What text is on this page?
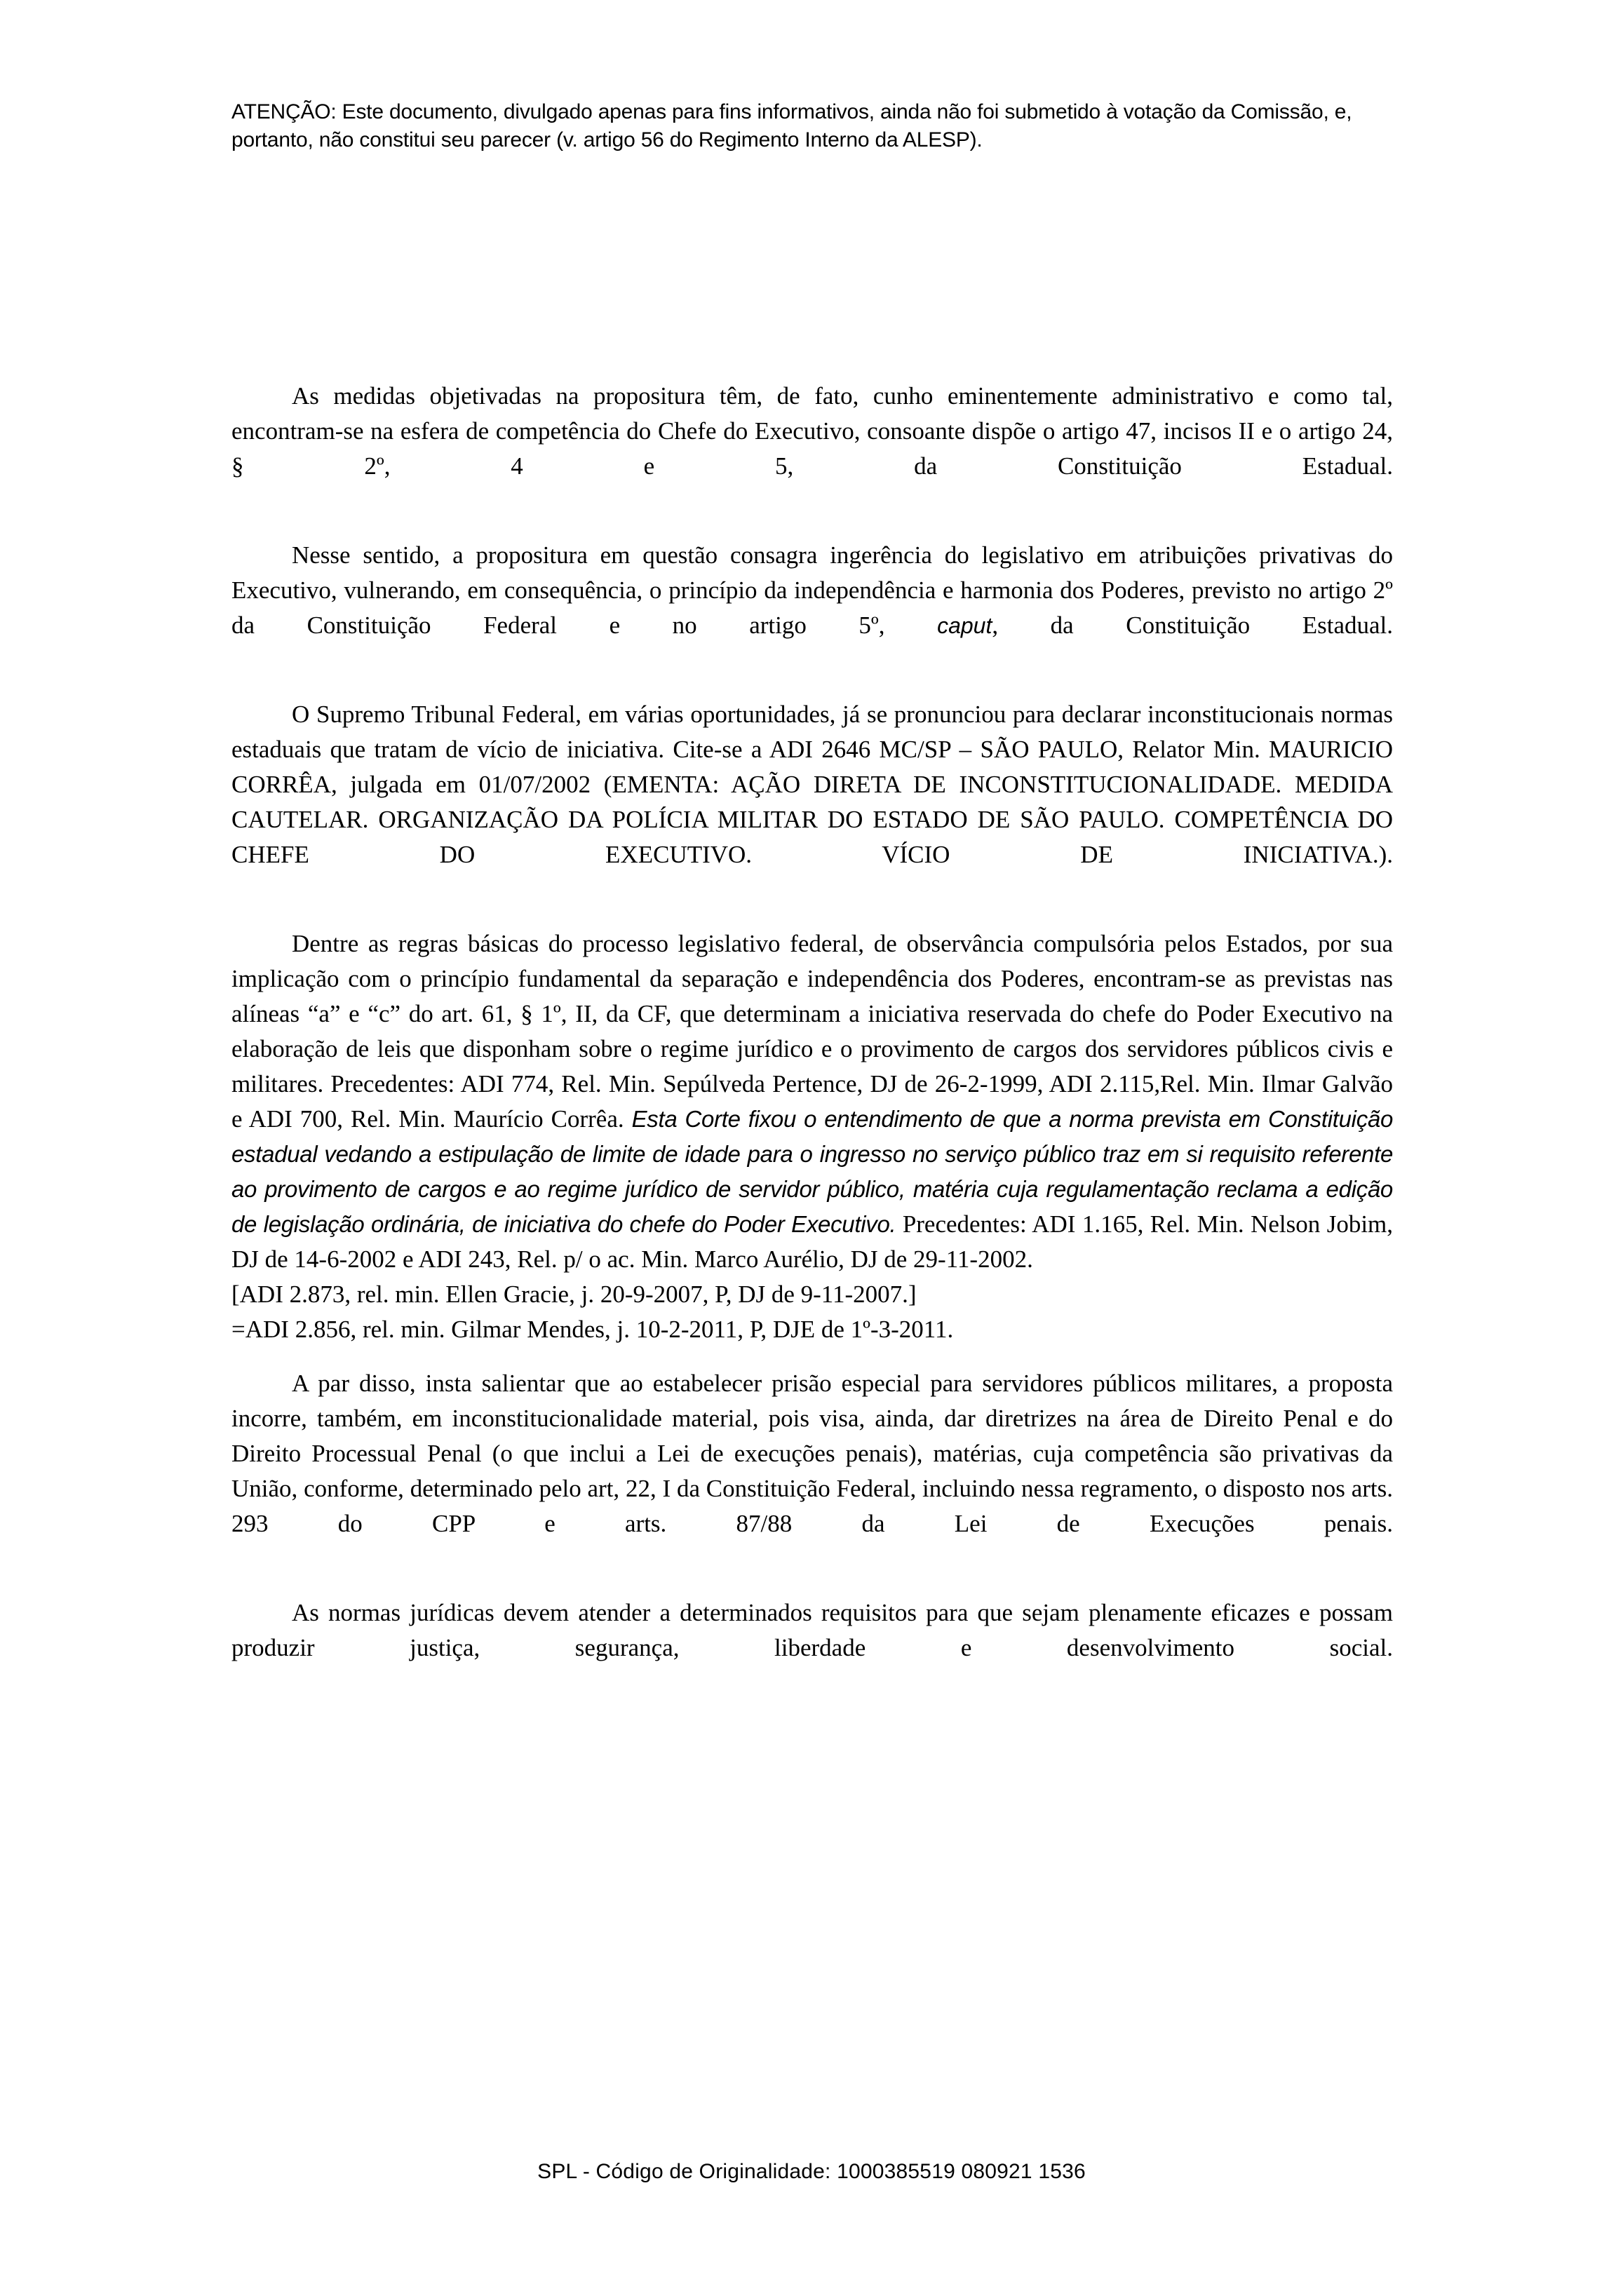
ATENÇÃO: Este documento, divulgado apenas para fins informativos, ainda não foi submetido à votação da Comissão, e, portanto, não constitui seu parecer (v. artigo 56 do Regimento Interno da ALESP).

As medidas objetivadas na propositura têm, de fato, cunho eminentemente administrativo e como tal, encontram-se na esfera de competência do Chefe do Executivo, consoante dispõe o artigo 47, incisos II e o artigo 24, § 2º, 4 e 5, da Constituição Estadual.

Nesse sentido, a propositura em questão consagra ingerência do legislativo em atribuições privativas do Executivo, vulnerando, em consequência, o princípio da independência e harmonia dos Poderes, previsto no artigo 2º da Constituição Federal e no artigo 5º, caput, da Constituição Estadual.

O Supremo Tribunal Federal, em várias oportunidades, já se pronunciou para declarar inconstitucionais normas estaduais que tratam de vício de iniciativa. Cite-se a ADI 2646 MC/SP – SÃO PAULO, Relator Min. MAURICIO CORRÊA, julgada em 01/07/2002 (EMENTA: AÇÃO DIRETA DE INCONSTITUCIONALIDADE. MEDIDA CAUTELAR. ORGANIZAÇÃO DA POLÍCIA MILITAR DO ESTADO DE SÃO PAULO. COMPETÊNCIA DO CHEFE DO EXECUTIVO. VÍCIO DE INICIATIVA.).

Dentre as regras básicas do processo legislativo federal, de observância compulsória pelos Estados, por sua implicação com o princípio fundamental da separação e independência dos Poderes, encontram-se as previstas nas alíneas “a” e “c” do art. 61, § 1º, II, da CF, que determinam a iniciativa reservada do chefe do Poder Executivo na elaboração de leis que disponham sobre o regime jurídico e o provimento de cargos dos servidores públicos civis e militares. Precedentes: ADI 774, Rel. Min. Sepúlveda Pertence, DJ de 26-2-1999, ADI 2.115,Rel. Min. Ilmar Galvão e ADI 700, Rel. Min. Maurício Corrêa. Esta Corte fixou o entendimento de que a norma prevista em Constituição estadual vedando a estipulação de limite de idade para o ingresso no serviço público traz em si requisito referente ao provimento de cargos e ao regime jurídico de servidor público, matéria cuja regulamentação reclama a edição de legislação ordinária, de iniciativa do chefe do Poder Executivo. Precedentes: ADI 1.165, Rel. Min. Nelson Jobim, DJ de 14-6-2002 e ADI 243, Rel. p/ o ac. Min. Marco Aurélio, DJ de 29-11-2002.

[ADI 2.873, rel. min. Ellen Gracie, j. 20-9-2007, P, DJ de 9-11-2007.]

=ADI 2.856, rel. min. Gilmar Mendes, j. 10-2-2011, P, DJE de 1º-3-2011.

A par disso, insta salientar que ao estabelecer prisão especial para servidores públicos militares, a proposta incorre, também, em inconstitucionalidade material, pois visa, ainda, dar diretrizes na área de Direito Penal e do Direito Processual Penal (o que inclui a Lei de execuções penais), matérias, cuja competência são privativas da União, conforme, determinado pelo art, 22, I da Constituição Federal, incluindo nessa regramento, o disposto nos arts. 293 do CPP e arts. 87/88 da Lei de Execuções penais.

As normas jurídicas devem atender a determinados requisitos para que sejam plenamente eficazes e possam produzir justiça, segurança, liberdade e desenvolvimento social.

SPL - Código de Originalidade: 1000385519 080921 1536
